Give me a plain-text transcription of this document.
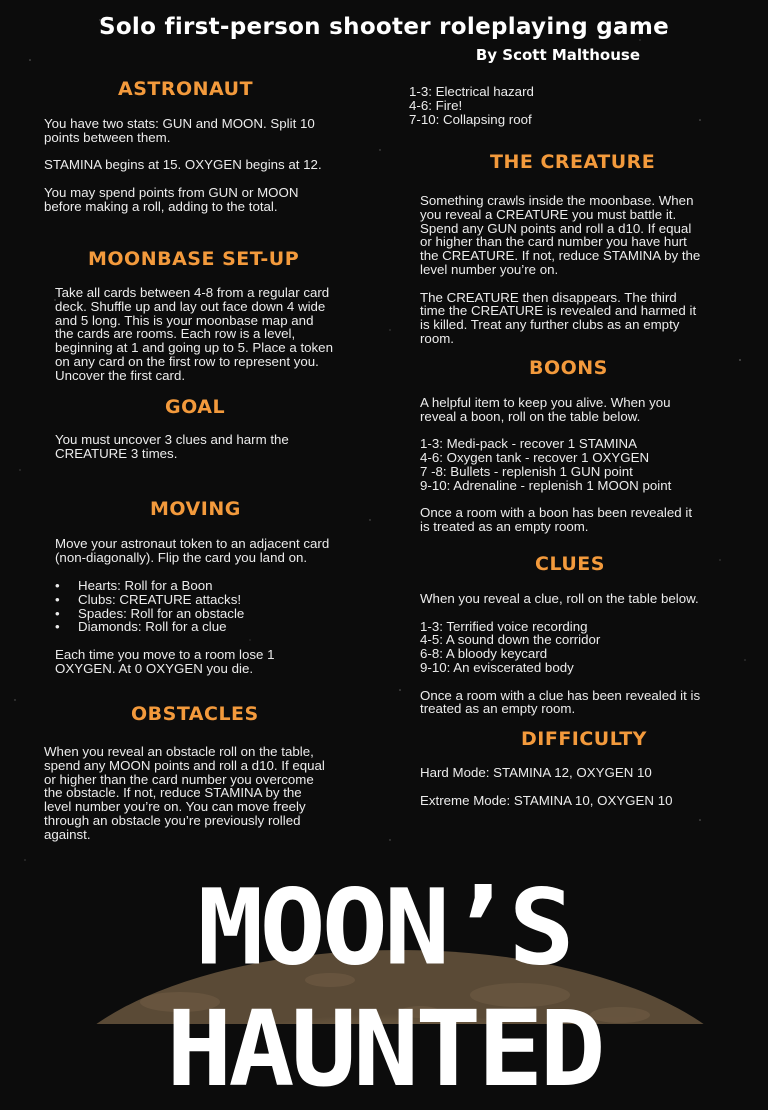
Solo first-person shooter roleplaying game
By Scott Malthouse
ASTRONAUT
You have two stats: GUN and MOON. Split 10
points between them.
STAMINA begins at 15. OXYGEN begins at 12.
You may spend points from GUN or MOON
before making a roll, adding to the total.
MOONBASE SET-UP
Take all cards between 4-8 from a regular card
deck. Shuffle up and lay out face down 4 wide
and 5 long. This is your moonbase map and
the cards are rooms. Each row is a level,
beginning at 1 and going up to 5. Place a token
on any card on the first row to represent you.
Uncover the first card.
GOAL
You must uncover 3 clues and harm the
CREATURE 3 times.
MOVING
Move your astronaut token to an adjacent card
(non-diagonally). Flip the card you land on.
• Hearts: Roll for a Boon
• Clubs: CREATURE attacks!
• Spades: Roll for an obstacle
• Diamonds: Roll for a clue
Each time you move to a room lose 1
OXYGEN. At 0 OXYGEN you die.
OBSTACLES
When you reveal an obstacle roll on the table,
spend any MOON points and roll a d10. If equal
or higher than the card number you overcome
the obstacle. If not, reduce STAMINA by the
level number you’re on. You can move freely
through an obstacle you’re previously rolled
against.
1-3: Electrical hazard
4-6: Fire!
7-10: Collapsing roof
THE CREATURE
Something crawls inside the moonbase. When
you reveal a CREATURE you must battle it.
Spend any GUN points and roll a d10. If equal
or higher than the card number you have hurt
the CREATURE. If not, reduce STAMINA by the
level number you’re on.
The CREATURE then disappears. The third
time the CREATURE is revealed and harmed it
is killed. Treat any further clubs as an empty
room.
BOONS
A helpful item to keep you alive. When you
reveal a boon, roll on the table below.
1-3: Medi-pack - recover 1 STAMINA
4-6: Oxygen tank - recover 1 OXYGEN
7 -8: Bullets - replenish 1 GUN point
9-10: Adrenaline - replenish 1 MOON point
Once a room with a boon has been revealed it
is treated as an empty room.
CLUES
When you reveal a clue, roll on the table below.
1-3: Terrified voice recording
4-5: A sound down the corridor
6-8: A bloody keycard
9-10: An eviscerated body
Once a room with a clue has been revealed it is
treated as an empty room.
DIFFICULTY
Hard Mode: STAMINA 12, OXYGEN 10
Extreme Mode: STAMINA 10, OXYGEN 10
MOON’S HAUNTED
